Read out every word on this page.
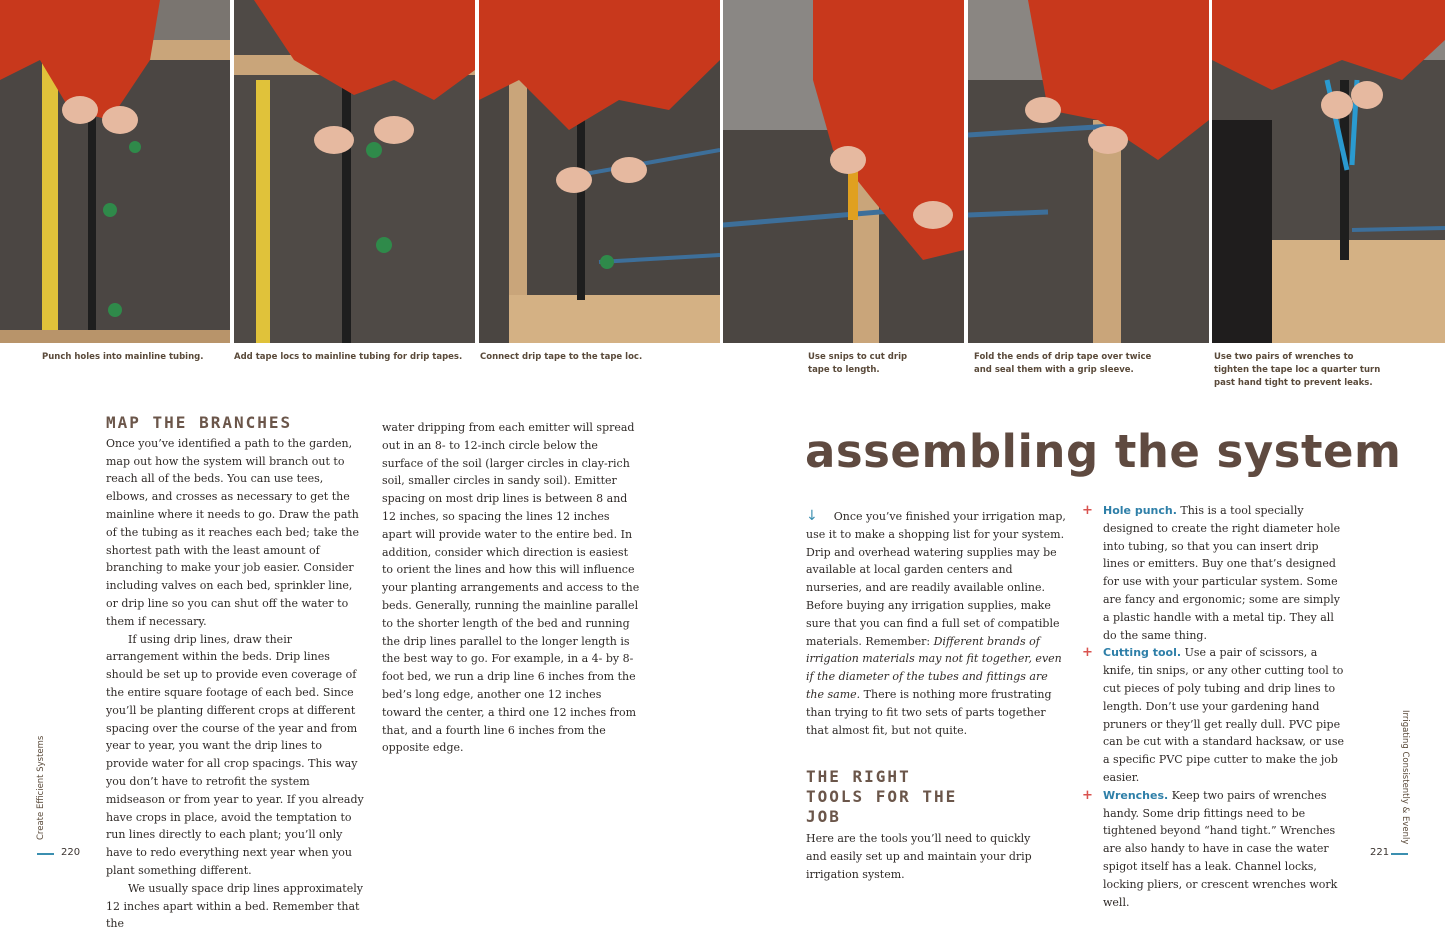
Punch holes into mainline tubing.	Add tape locs to mainline tubing for drip tapes. Connect drip tape to the tape loc.	Use snips to cut drip tape to length.
Fold the ends of drip tape over twice and seal them with a grip sleeve.
Use two pairs of wrenches to tighten the tape loc a quarter turn past hand tight to prevent leaks.
MAP THE BRANCHES

Once you’ve identified a path to the garden, map out how the system will branch out to reach all of the beds. You can use tees, elbows, and crosses as necessary to get the mainline where it needs to go. Draw the path of the tubing as it reaches each bed; take the shortest path with the least amount of branching to make your job easier. Consider including valves on each bed, sprinkler line, or drip line so you can shut off the water to them if necessary.

If using drip lines, draw their arrangement within the beds. Drip lines should be set up to provide even coverage of the entire square footage of each bed. Since you’ll be planting different crops at different spacing over the course of the year and from year to year, you want the drip lines to provide water for all crop spacings. This way you don’t have to retrofit the system midseason or from year to year. If you already have crops in place, avoid the temptation to run lines directly to each plant; you’ll only have to redo everything next year when you plant something different.

We usually space drip lines approximately 12 inches apart within a bed. Remember that the

water dripping from each emitter will spread out in an 8- to 12-inch circle below the surface of the soil (larger circles in clay-rich soil, smaller circles in sandy soil). Emitter spacing on most drip lines is between 8 and 12 inches, so spacing the lines 12 inches apart will provide water to the entire bed. In addition, consider which direction is easiest to orient the lines and how this will influence your planting arrangements and access to the beds. Generally, running the mainline parallel to the shorter length of the bed and running the drip lines parallel to the longer length is the best way to go. For example, in a 4- by 8-foot bed, we run a drip line 6 inches from the bed’s long edge, another one 12 inches toward the center, a third one 12 inches from that, and a fourth line 6 inches from the opposite edge.

Create Efficient Systems
220
assembling the system

↓ Once you’ve finished your irrigation map, use it to make a shopping list for your system. Drip and overhead watering supplies may be available at local garden centers and nurseries, and are readily available online. Before buying any irrigation supplies, make sure that you can find a full set of compatible materials. Remember: Different brands of irrigation materials may not fit together, even if the diameter of the tubes and fittings are the same. There is nothing more frustrating than trying to fit two sets of parts together that almost fit, but not quite.

THE RIGHT TOOLS FOR THE JOB

Here are the tools you’ll need to quickly and easily set up and maintain your drip irrigation system.

+ Hole punch. This is a tool specially designed to create the right diameter hole into tubing, so that you can insert drip lines or emitters. Buy one that’s designed for use with your particular system. Some are fancy and ergonomic; some are simply a plastic handle with a metal tip. They all do the same thing.

+ Cutting tool. Use a pair of scissors, a knife, tin snips, or any other cutting tool to cut pieces of poly tubing and drip lines to length. Don’t use your gardening hand pruners or they’ll get really dull. PVC pipe can be cut with a standard hacksaw, or use a specific PVC pipe cutter to make the job easier.

+ Wrenches. Keep two pairs of wrenches handy. Some drip fittings need to be tightened beyond “hand tight.” Wrenches are also handy to have in case the water spigot itself has a leak. Channel locks, locking pliers, or crescent wrenches work well.

Irrigating Consistently & Evenly
221
